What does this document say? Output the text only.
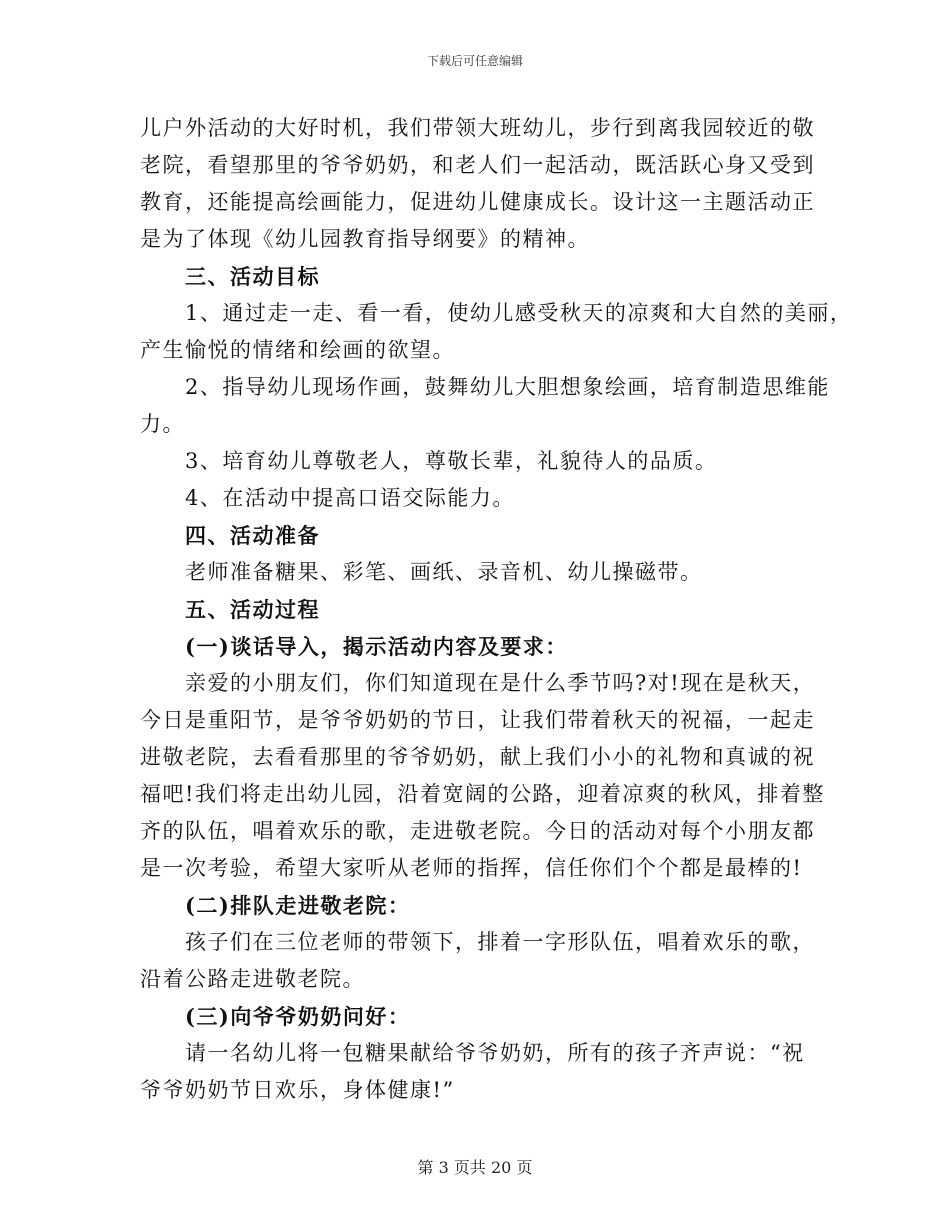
下载后可任意编辑
儿户外活动的大好时机，我们带领大班幼儿，步行到离我园较近的敬
老院，看望那里的爷爷奶奶，和老人们一起活动，既活跃心身又受到
教育，还能提高绘画能力，促进幼儿健康成长。设计这一主题活动正
是为了体现《幼儿园教育指导纲要》的精神。
三、活动目标
1、通过走一走、看一看，使幼儿感受秋天的凉爽和大自然的美丽，
产生愉悦的情绪和绘画的欲望。
2、指导幼儿现场作画，鼓舞幼儿大胆想象绘画，培育制造思维能
力。
3、培育幼儿尊敬老人，尊敬长辈，礼貌待人的品质。
4、在活动中提高口语交际能力。
四、活动准备
老师准备糖果、彩笔、画纸、录音机、幼儿操磁带。
五、活动过程
(一)谈话导入，揭示活动内容及要求：
亲爱的小朋友们，你们知道现在是什么季节吗?对!现在是秋天，
今日是重阳节，是爷爷奶奶的节日，让我们带着秋天的祝福，一起走
进敬老院，去看看那里的爷爷奶奶，献上我们小小的礼物和真诚的祝
福吧!我们将走出幼儿园，沿着宽阔的公路，迎着凉爽的秋风，排着整
齐的队伍，唱着欢乐的歌，走进敬老院。今日的活动对每个小朋友都
是一次考验，希望大家听从老师的指挥，信任你们个个都是最棒的!
(二)排队走进敬老院：
孩子们在三位老师的带领下，排着一字形队伍，唱着欢乐的歌，
沿着公路走进敬老院。
(三)向爷爷奶奶问好：
请一名幼儿将一包糖果献给爷爷奶奶，所有的孩子齐声说：“祝
爷爷奶奶节日欢乐，身体健康!”
第 3 页共 20 页
